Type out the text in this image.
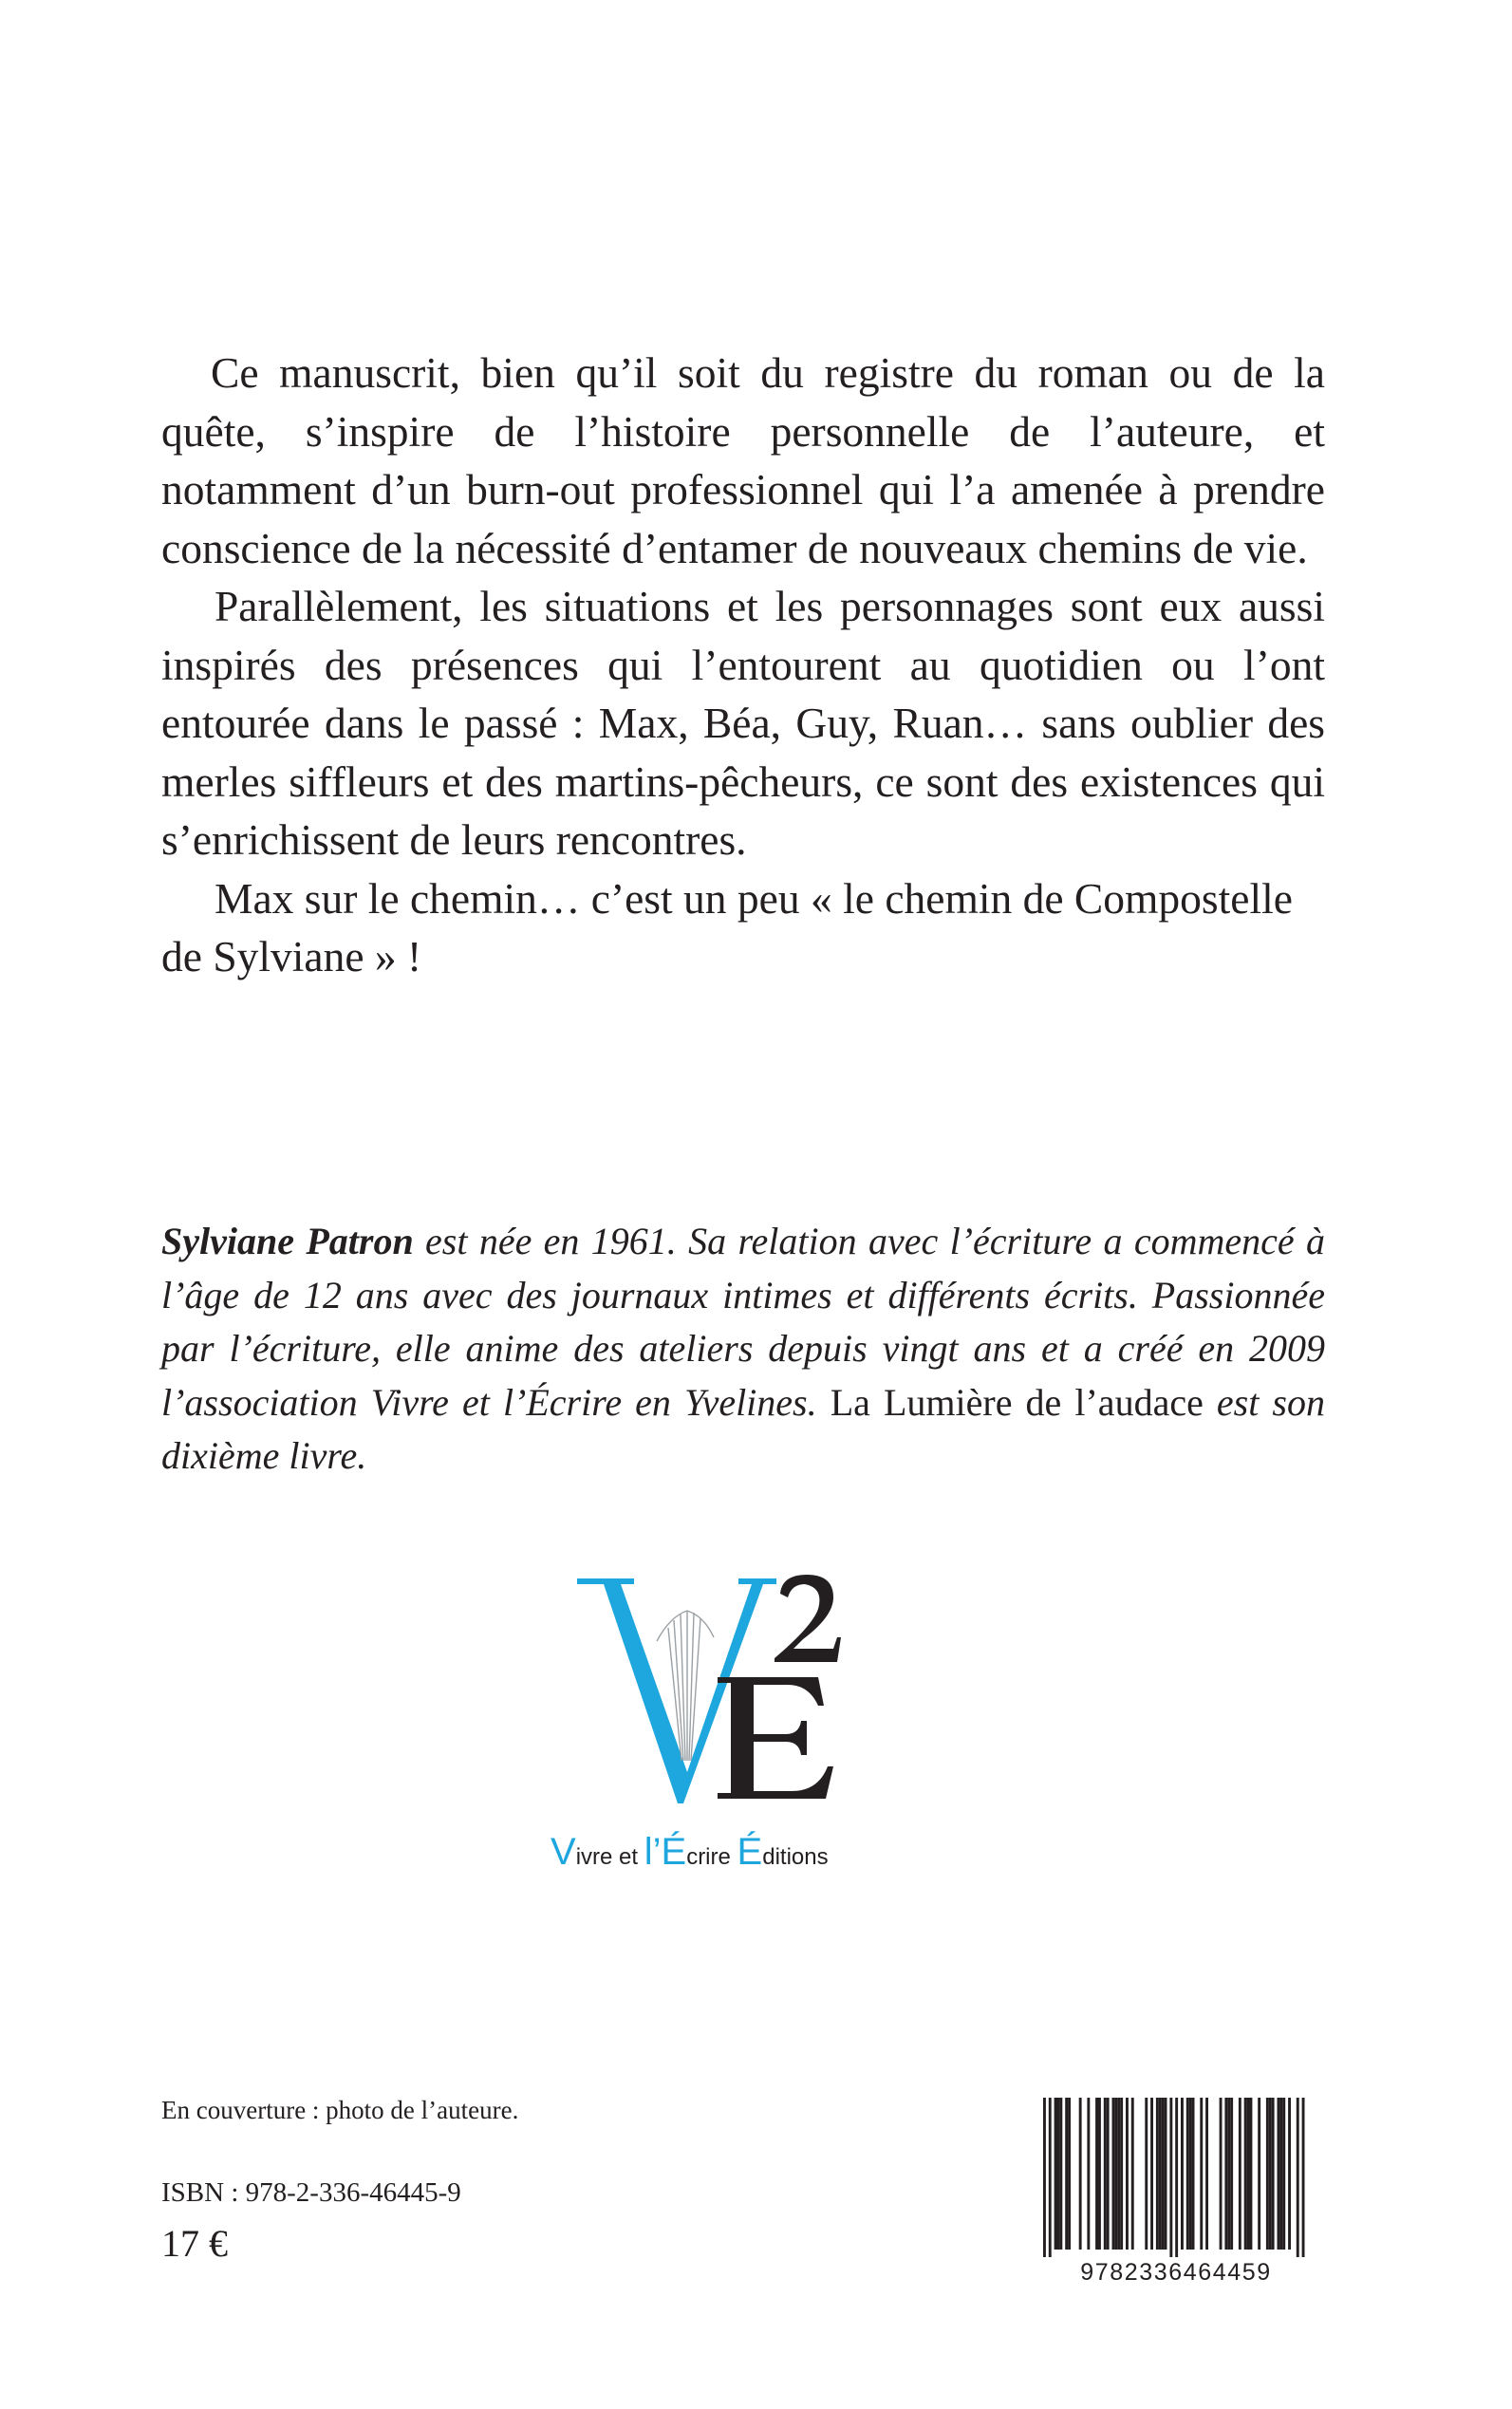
Ce manuscrit, bien qu’il soit du registre du roman ou de la quête, s’inspire de l’histoire personnelle de l’auteure, et notamment d’un burn-out professionnel qui l’a amenée à prendre conscience de la nécessité d’entamer de nouveaux chemins de vie.

Parallèlement, les situations et les personnages sont eux aussi inspirés des présences qui l’entourent au quotidien ou l’ont entourée dans le passé : Max, Béa, Guy, Ruan… sans oublier des merles siffleurs et des martins-pêcheurs, ce sont des existences qui s’enrichissent de leurs rencontres.

Max sur le chemin… c’est un peu « le chemin de Compostelle de Sylviane » !

Sylviane Patron est née en 1961. Sa relation avec l’écriture a commencé à l’âge de 12 ans avec des journaux intimes et différents écrits. Passionnée par l’écriture, elle anime des ateliers depuis vingt ans et a créé en 2009 l’association Vivre et l’Écrire en Yvelines. La Lumière de l’audace est son dixième livre.

Vivre et l’Écrire Éditions

En couverture : photo de l’auteure.

ISBN : 978-2-336-46445-9

17 €

9782336464459
